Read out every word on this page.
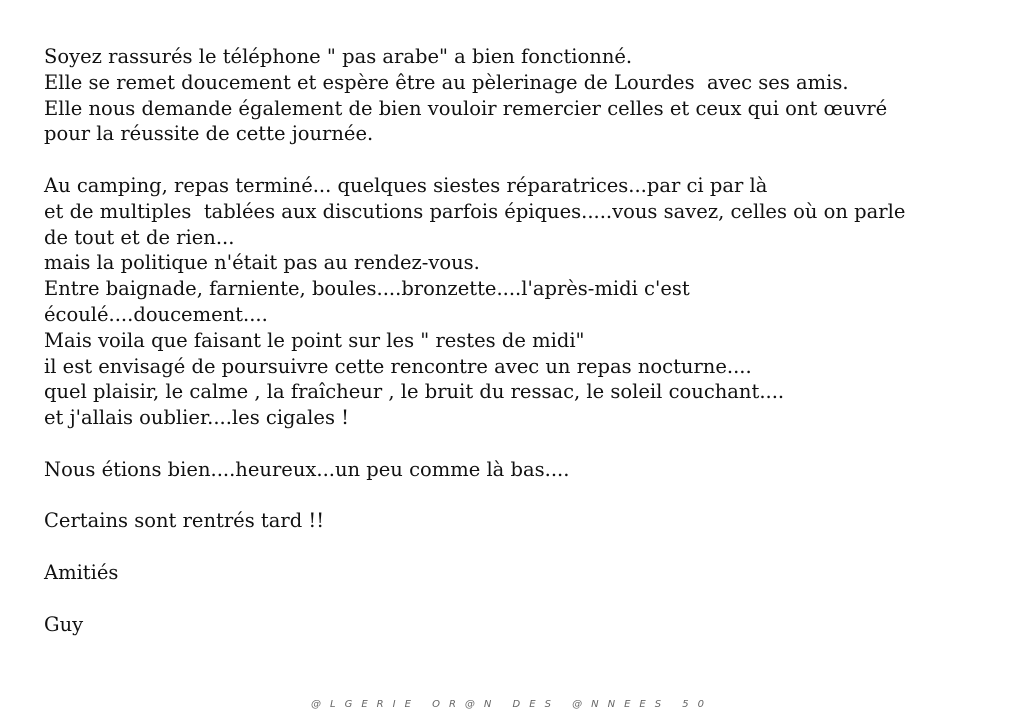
Soyez rassurés le téléphone " pas arabe" a bien fonctionné.
Elle se remet doucement et espère être au pèlerinage de Lourdes  avec ses amis.
Elle nous demande également de bien vouloir remercier celles et ceux qui ont œuvré
pour la réussite de cette journée.
Au camping, repas terminé... quelques siestes réparatrices...par ci par là
et de multiples  tablées aux discutions parfois épiques.....vous savez, celles où on parle
de tout et de rien...
mais la politique n'était pas au rendez-vous.
Entre baignade, farniente, boules....bronzette....l'après-midi c'est
écoulé....doucement....
Mais voila que faisant le point sur les " restes de midi"
il est envisagé de poursuivre cette rencontre avec un repas nocturne....
quel plaisir, le calme , la fraîcheur , le bruit du ressac, le soleil couchant....
et j'allais oublier....les cigales !
Nous étions bien....heureux...un peu comme là bas....
Certains sont rentrés tard !!
Amitiés
Guy
@LGERIE OR@N DES @NNEES 50
